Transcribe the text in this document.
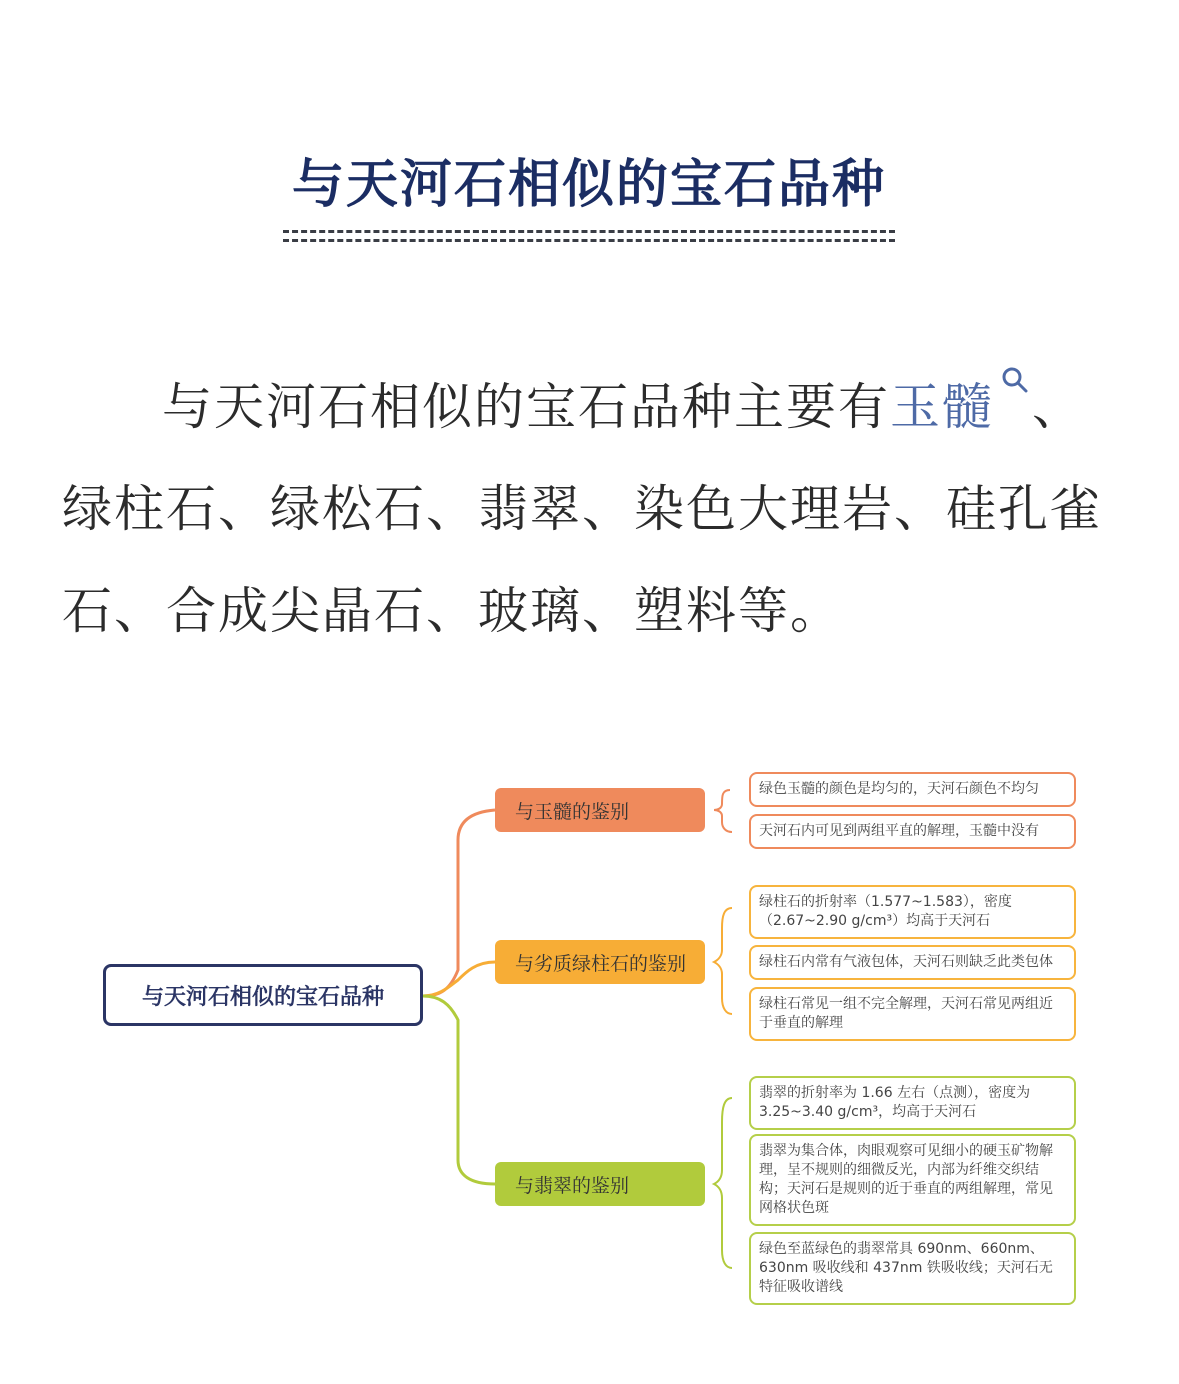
与天河石相似的宝石品种
与天河石相似的宝石品种主要有玉髓 、绿柱石、绿松石、翡翠、染色大理岩、硅孔雀石、合成尖晶石、玻璃、塑料等。
与天河石相似的宝石品种
与玉髓的鉴别
与劣质绿柱石的鉴别
与翡翠的鉴别
绿色玉髓的颜色是均匀的，天河石颜色不均匀
天河石内可见到两组平直的解理，玉髓中没有
绿柱石的折射率（1.577~1.583），密度（2.67~2.90 g/cm³）均高于天河石
绿柱石内常有气液包体，天河石则缺乏此类包体
绿柱石常见一组不完全解理，天河石常见两组近于垂直的解理
翡翠的折射率为 1.66 左右（点测），密度为 3.25~3.40 g/cm³，均高于天河石
翡翠为集合体，肉眼观察可见细小的硬玉矿物解理，呈不规则的细微反光，内部为纤维交织结构；天河石是规则的近于垂直的两组解理，常见网格状色斑
绿色至蓝绿色的翡翠常具 690nm、660nm、630nm 吸收线和 437nm 铁吸收线；天河石无特征吸收谱线
